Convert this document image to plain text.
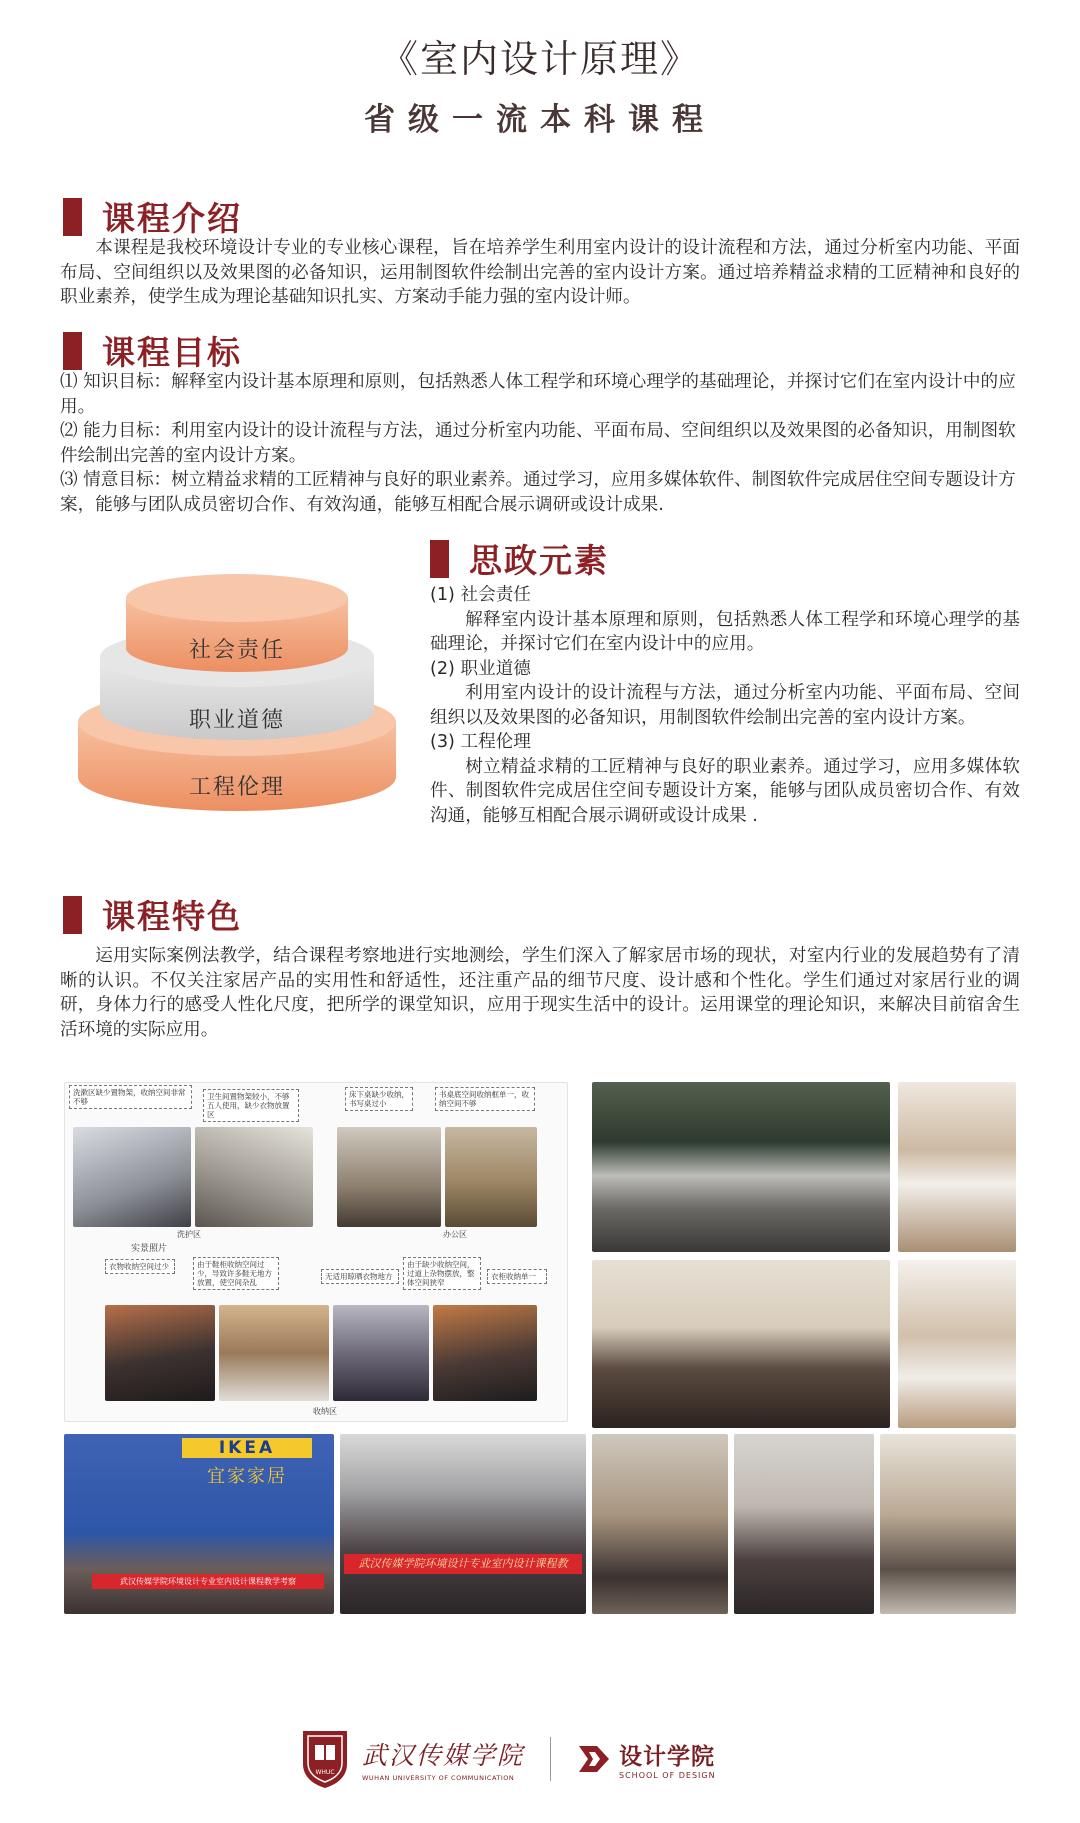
《室内设计原理》
省级一流本科课程
课程介绍
本课程是我校环境设计专业的专业核心课程，旨在培养学生利用室内设计的设计流程和方法，通过分析室内功能、平面布局、空间组织以及效果图的必备知识，运用制图软件绘制出完善的室内设计方案。通过培养精益求精的工匠精神和良好的职业素养，使学生成为理论基础知识扎实、方案动手能力强的室内设计师。
课程目标
⑴ 知识目标：解释室内设计基本原理和原则，包括熟悉人体工程学和环境心理学的基础理论，并探讨它们在室内设计中的应用。
⑵ 能力目标：利用室内设计的设计流程与方法，通过分析室内功能、平面布局、空间组织以及效果图的必备知识，用制图软件绘制出完善的室内设计方案。
⑶ 情意目标：树立精益求精的工匠精神与良好的职业素养。通过学习，应用多媒体软件、制图软件完成居住空间专题设计方案，能够与团队成员密切合作、有效沟通，能够互相配合展示调研或设计成果.
社会责任
职业道德
工程伦理
思政元素
(1) 社会责任
解释室内设计基本原理和原则，包括熟悉人体工程学和环境心理学的基础理论，并探讨它们在室内设计中的应用。
(2) 职业道德
利用室内设计的设计流程与方法，通过分析室内功能、平面布局、空间组织以及效果图的必备知识，用制图软件绘制出完善的室内设计方案。
(3) 工程伦理
树立精益求精的工匠精神与良好的职业素养。通过学习，应用多媒体软件、制图软件完成居住空间专题设计方案，能够与团队成员密切合作、有效沟通，能够互相配合展示调研或设计成果 .
课程特色
运用实际案例法教学，结合课程考察地进行实地测绘，学生们深入了解家居市场的现状，对室内行业的发展趋势有了清晰的认识。不仅关注家居产品的实用性和舒适性，还注重产品的细节尺度、设计感和个性化。学生们通过对家居行业的调研，身体力行的感受人性化尺度，把所学的课堂知识，应用于现实生活中的设计。运用课堂的理论知识，来解决目前宿舍生活环境的实际应用。
洗漱区缺少置物架，收纳空间非常不够
卫生间置物架较小，不够五人使用，缺少衣物放置区
床下桌缺少收纳，书写桌过小
书桌底空间收纳框单一，收纳空间不够
洗护区	办公区
实景照片
衣物收纳空间过少	由于鞋柜收纳空间过少，导致许多鞋无地方放置，使空间杂乱
无适用晾晒衣物地方
由于缺少收纳空间，过道上杂物摆放，整体空间狭窄
衣柜收纳单一
收纳区
IKEA
宜家家居
武汉传媒学院环境设计专业室内设计课程教学考察
武汉传媒学院环境设计专业室内设计课程教
WHUC
武汉传媒学院
WUHAN UNIVERSITY OF COMMUNICATION
设计学院
SCHOOL OF DESIGN
